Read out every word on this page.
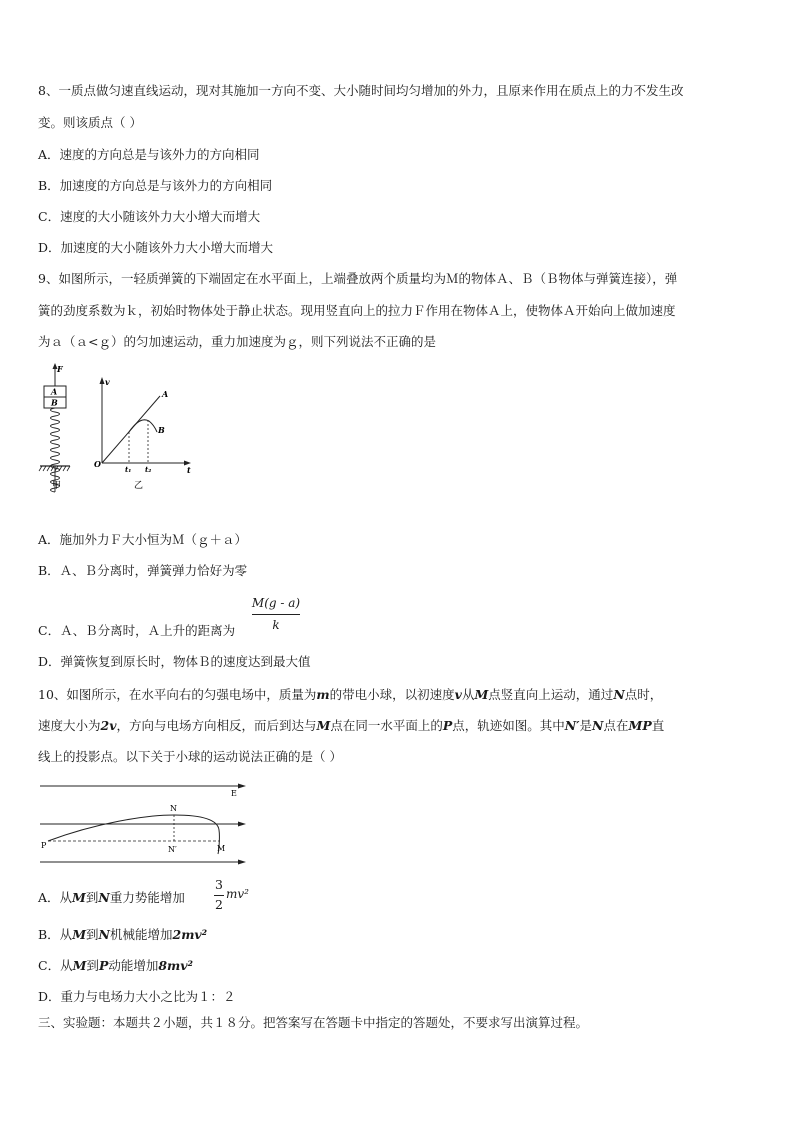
8、一质点做匀速直线运动，现对其施加一方向不变、大小随时间均匀增加的外力，且原来作用在质点上的力不发生改
变。则该质点（ ）
A．速度的方向总是与该外力的方向相同
B．加速度的方向总是与该外力的方向相同
C．速度的大小随该外力大小增大而增大
D．加速度的大小随该外力大小增大而增大
9、如图所示，一轻质弹簧的下端固定在水平面上，上端叠放两个质量均为Ｍ的物体Ａ、Ｂ（Ｂ物体与弹簧连接），弹
簧的劲度系数为ｋ，初始时物体处于静止状态。现用竖直向上的拉力Ｆ作用在物体Ａ上，使物体Ａ开始向上做加速度
为ａ（ａ<ｇ）的匀加速运动，重力加速度为ｇ，则下列说法不正确的是
F
A
B
甲
v
t
O
A
B
t₁ t₂
乙
A．施加外力Ｆ大小恒为Ｍ（ｇ＋ａ）
B．Ａ、Ｂ分离时，弹簧弹力恰好为零
C．Ａ、Ｂ分离时，Ａ上升的距离为
M(g - a)
k
D．弹簧恢复到原长时，物体Ｂ的速度达到最大值
10、如图所示，在水平向右的匀强电场中，质量为m的带电小球，以初速度v从M点竖直向上运动，通过N点时，
速度大小为2v，方向与电场方向相反，而后到达与M点在同一水平面上的P点，轨迹如图。其中N′是N点在MP直
线上的投影点。以下关于小球的运动说法正确的是（ ）
E
N
P	N′	M
A．从M到N重力势能增加
3
2
mv²
B．从M到N机械能增加2mv²
C．从M到P动能增加8mv²
D．重力与电场力大小之比为１：２
三、实验题：本题共２小题，共１８分。把答案写在答题卡中指定的答题处，不要求写出演算过程。
